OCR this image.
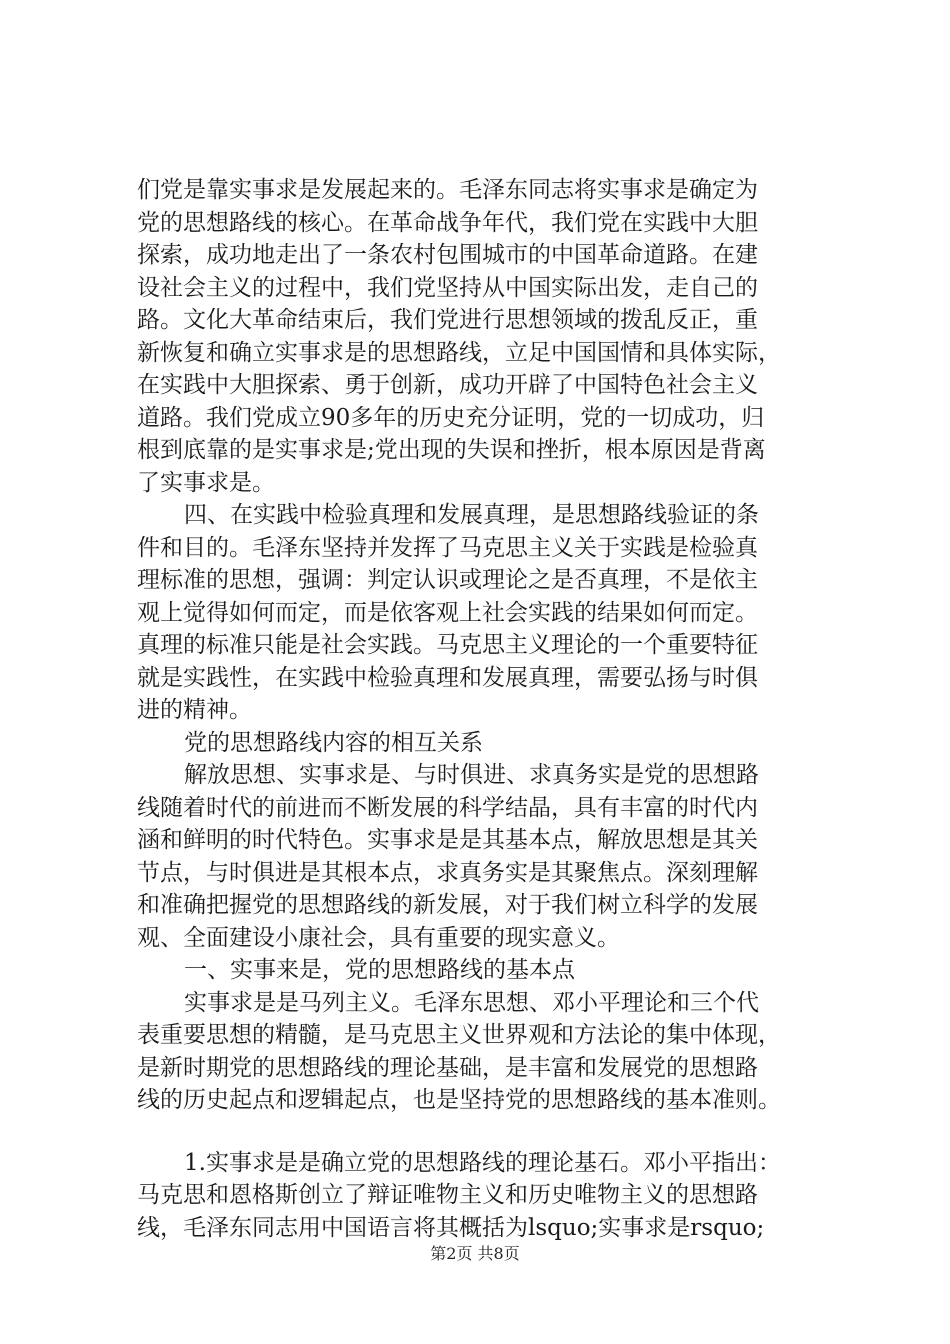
们党是靠实事求是发展起来的。毛泽东同志将实事求是确定为
党的思想路线的核心。在革命战争年代，我们党在实践中大胆
探索，成功地走出了一条农村包围城市的中国革命道路。在建
设社会主义的过程中，我们党坚持从中国实际出发，走自己的
路。文化大革命结束后，我们党进行思想领域的拨乱反正，重
新恢复和确立实事求是的思想路线，立足中国国情和具体实际，
在实践中大胆探索、勇于创新，成功开辟了中国特色社会主义
道路。我们党成立90多年的历史充分证明，党的一切成功，归
根到底靠的是实事求是;党出现的失误和挫折，根本原因是背离
了实事求是。
四、在实践中检验真理和发展真理，是思想路线验证的条
件和目的。毛泽东坚持并发挥了马克思主义关于实践是检验真
理标准的思想，强调：判定认识或理论之是否真理，不是依主
观上觉得如何而定，而是依客观上社会实践的结果如何而定。
真理的标准只能是社会实践。马克思主义理论的一个重要特征
就是实践性，在实践中检验真理和发展真理，需要弘扬与时俱
进的精神。
党的思想路线内容的相互关系
解放思想、实事求是、与时俱进、求真务实是党的思想路
线随着时代的前进而不断发展的科学结晶，具有丰富的时代内
涵和鲜明的时代特色。实事求是是其基本点，解放思想是其关
节点，与时俱进是其根本点，求真务实是其聚焦点。深刻理解
和准确把握党的思想路线的新发展，对于我们树立科学的发展
观、全面建设小康社会，具有重要的现实意义。
一、实事来是，党的思想路线的基本点
实事求是是马列主义。毛泽东思想、邓小平理论和三个代
表重要思想的精髓，是马克思主义世界观和方法论的集中体现，
是新时期党的思想路线的理论基础，是丰富和发展党的思想路
线的历史起点和逻辑起点，也是坚持党的思想路线的基本准则。
1.实事求是是确立党的思想路线的理论基石。邓小平指出：
马克思和恩格斯创立了辩证唯物主义和历史唯物主义的思想路
线，毛泽东同志用中国语言将其概括为lsquo;实事求是rsquo;
第2页 共8页
